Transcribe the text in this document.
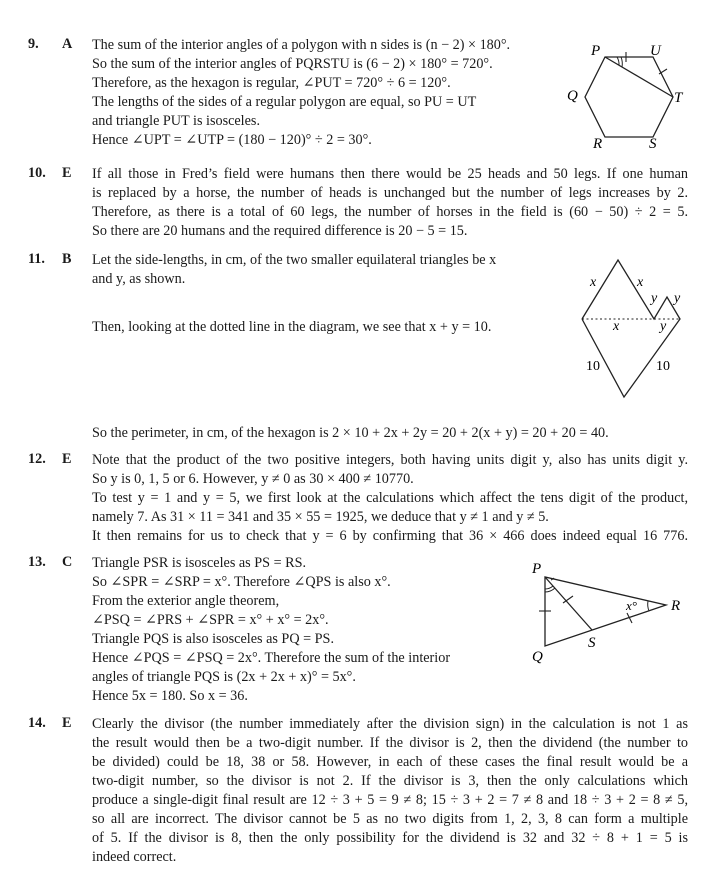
9. A The sum of the interior angles of a polygon with n sides is (n − 2) × 180°.
So the sum of the interior angles of PQRSTU is (6 − 2) × 180° = 720°.
Therefore, as the hexagon is regular, ∠PUT = 720° ÷ 6 = 120°.
The lengths of the sides of a regular polygon are equal, so PU = UT
and triangle PUT is isosceles.
Hence ∠UPT = ∠UTP = (180 − 120)° ÷ 2 = 30°.
P	U
T
S
R
Q
10. E If all those in Fred’s field were humans then there would be 25 heads and 50 legs. If one human
is replaced by a horse, the number of heads is unchanged but the number of legs increases by 2.
Therefore, as there is a total of 60 legs, the number of horses in the field is (60 − 50) ÷ 2 = 5.
So there are 20 humans and the required difference is 20 − 5 = 15.
11. B Let the side-lengths, in cm, of the two smaller equilateral triangles be x
and y, as shown.
Then, looking at the dotted line in the diagram, we see that x + y = 10.
x	x
y y
x	y
10	10
So the perimeter, in cm, of the hexagon is 2 × 10 + 2x + 2y = 20 + 2(x + y) = 20 + 20 = 40.
12. E Note that the product of the two positive integers, both having units digit y, also has units digit y.
So y is 0, 1, 5 or 6. However, y ≠ 0 as 30 × 400 ≠ 10770.
To test y = 1 and y = 5, we first look at the calculations which affect the tens digit of the product,
namely 7. As 31 × 11 = 341 and 35 × 55 = 1925, we deduce that y ≠ 1 and y ≠ 5.
It then remains for us to check that y = 6 by confirming that 36 × 466 does indeed equal 16 776.
13. C Triangle PSR is isosceles as PS = RS.
So ∠SPR = ∠SRP = x°. Therefore ∠QPS is also x°.
From the exterior angle theorem,
∠PSQ = ∠PRS + ∠SPR = x° + x° = 2x°.
Triangle PQS is also isosceles as PQ = PS.
Hence ∠PQS = ∠PSQ = 2x°. Therefore the sum of the interior
angles of triangle PQS is (2x + 2x + x)° = 5x°.
Hence 5x = 180. So x = 36.
P
R
S
Q
x°
14. E Clearly the divisor (the number immediately after the division sign) in the calculation is not 1 as
the result would then be a two-digit number. If the divisor is 2, then the dividend (the number to
be divided) could be 18, 38 or 58. However, in each of these cases the final result would be a
two-digit number, so the divisor is not 2. If the divisor is 3, then the only calculations which
produce a single-digit final result are 12 ÷ 3 + 5 = 9 ≠ 8; 15 ÷ 3 + 2 = 7 ≠ 8 and 18 ÷ 3 + 2 = 8 ≠ 5,
so all are incorrect. The divisor cannot be 5 as no two digits from 1, 2, 3, 8 can form a multiple
of 5. If the divisor is 8, then the only possibility for the dividend is 32 and 32 ÷ 8 + 1 = 5 is
indeed correct.
